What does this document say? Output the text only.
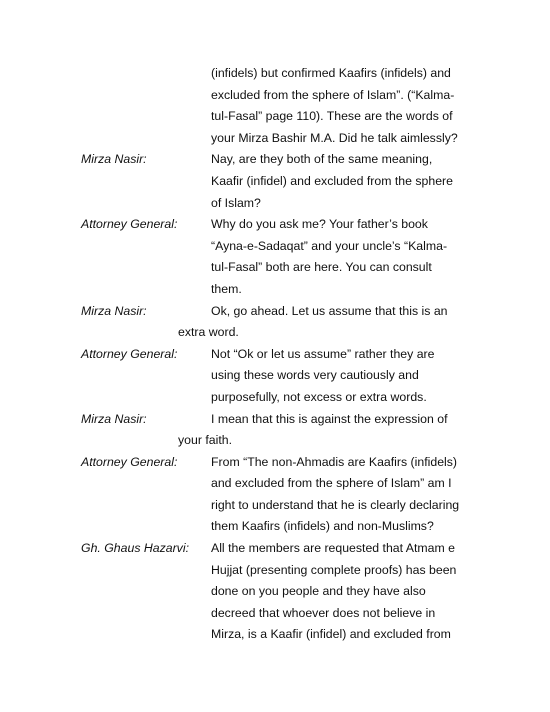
(infidels) but confirmed Kaafirs (infidels) and
excluded from the sphere of Islam”. (“Kalma-
tul-Fasal” page 110). These are the words of
your Mirza Bashir M.A. Did he talk aimlessly?
Mirza Nasir:	Nay, are they both of the same meaning,
Kaafir (infidel) and excluded from the sphere
of Islam?
Attorney General:	Why do you ask me? Your father’s book
“Ayna-e-Sadaqat” and your uncle’s “Kalma-
tul-Fasal” both are here. You can consult
them.
Mirza Nasir:	Ok, go ahead. Let us assume that this is an
extra word.
Attorney General:	Not “Ok or let us assume” rather they are
using these words very cautiously and
purposefully, not excess or extra words.
Mirza Nasir:	I mean that this is against the expression of
your faith.
Attorney General:	From “The non-Ahmadis are Kaafirs (infidels)
and excluded from the sphere of Islam” am I
right to understand that he is clearly declaring
them Kaafirs (infidels) and non-Muslims?
Gh. Ghaus Hazarvi: All the members are requested that Atmam e
Hujjat (presenting complete proofs) has been
done on you people and they have also
decreed that whoever does not believe in
Mirza, is a Kaafir (infidel) and excluded from
